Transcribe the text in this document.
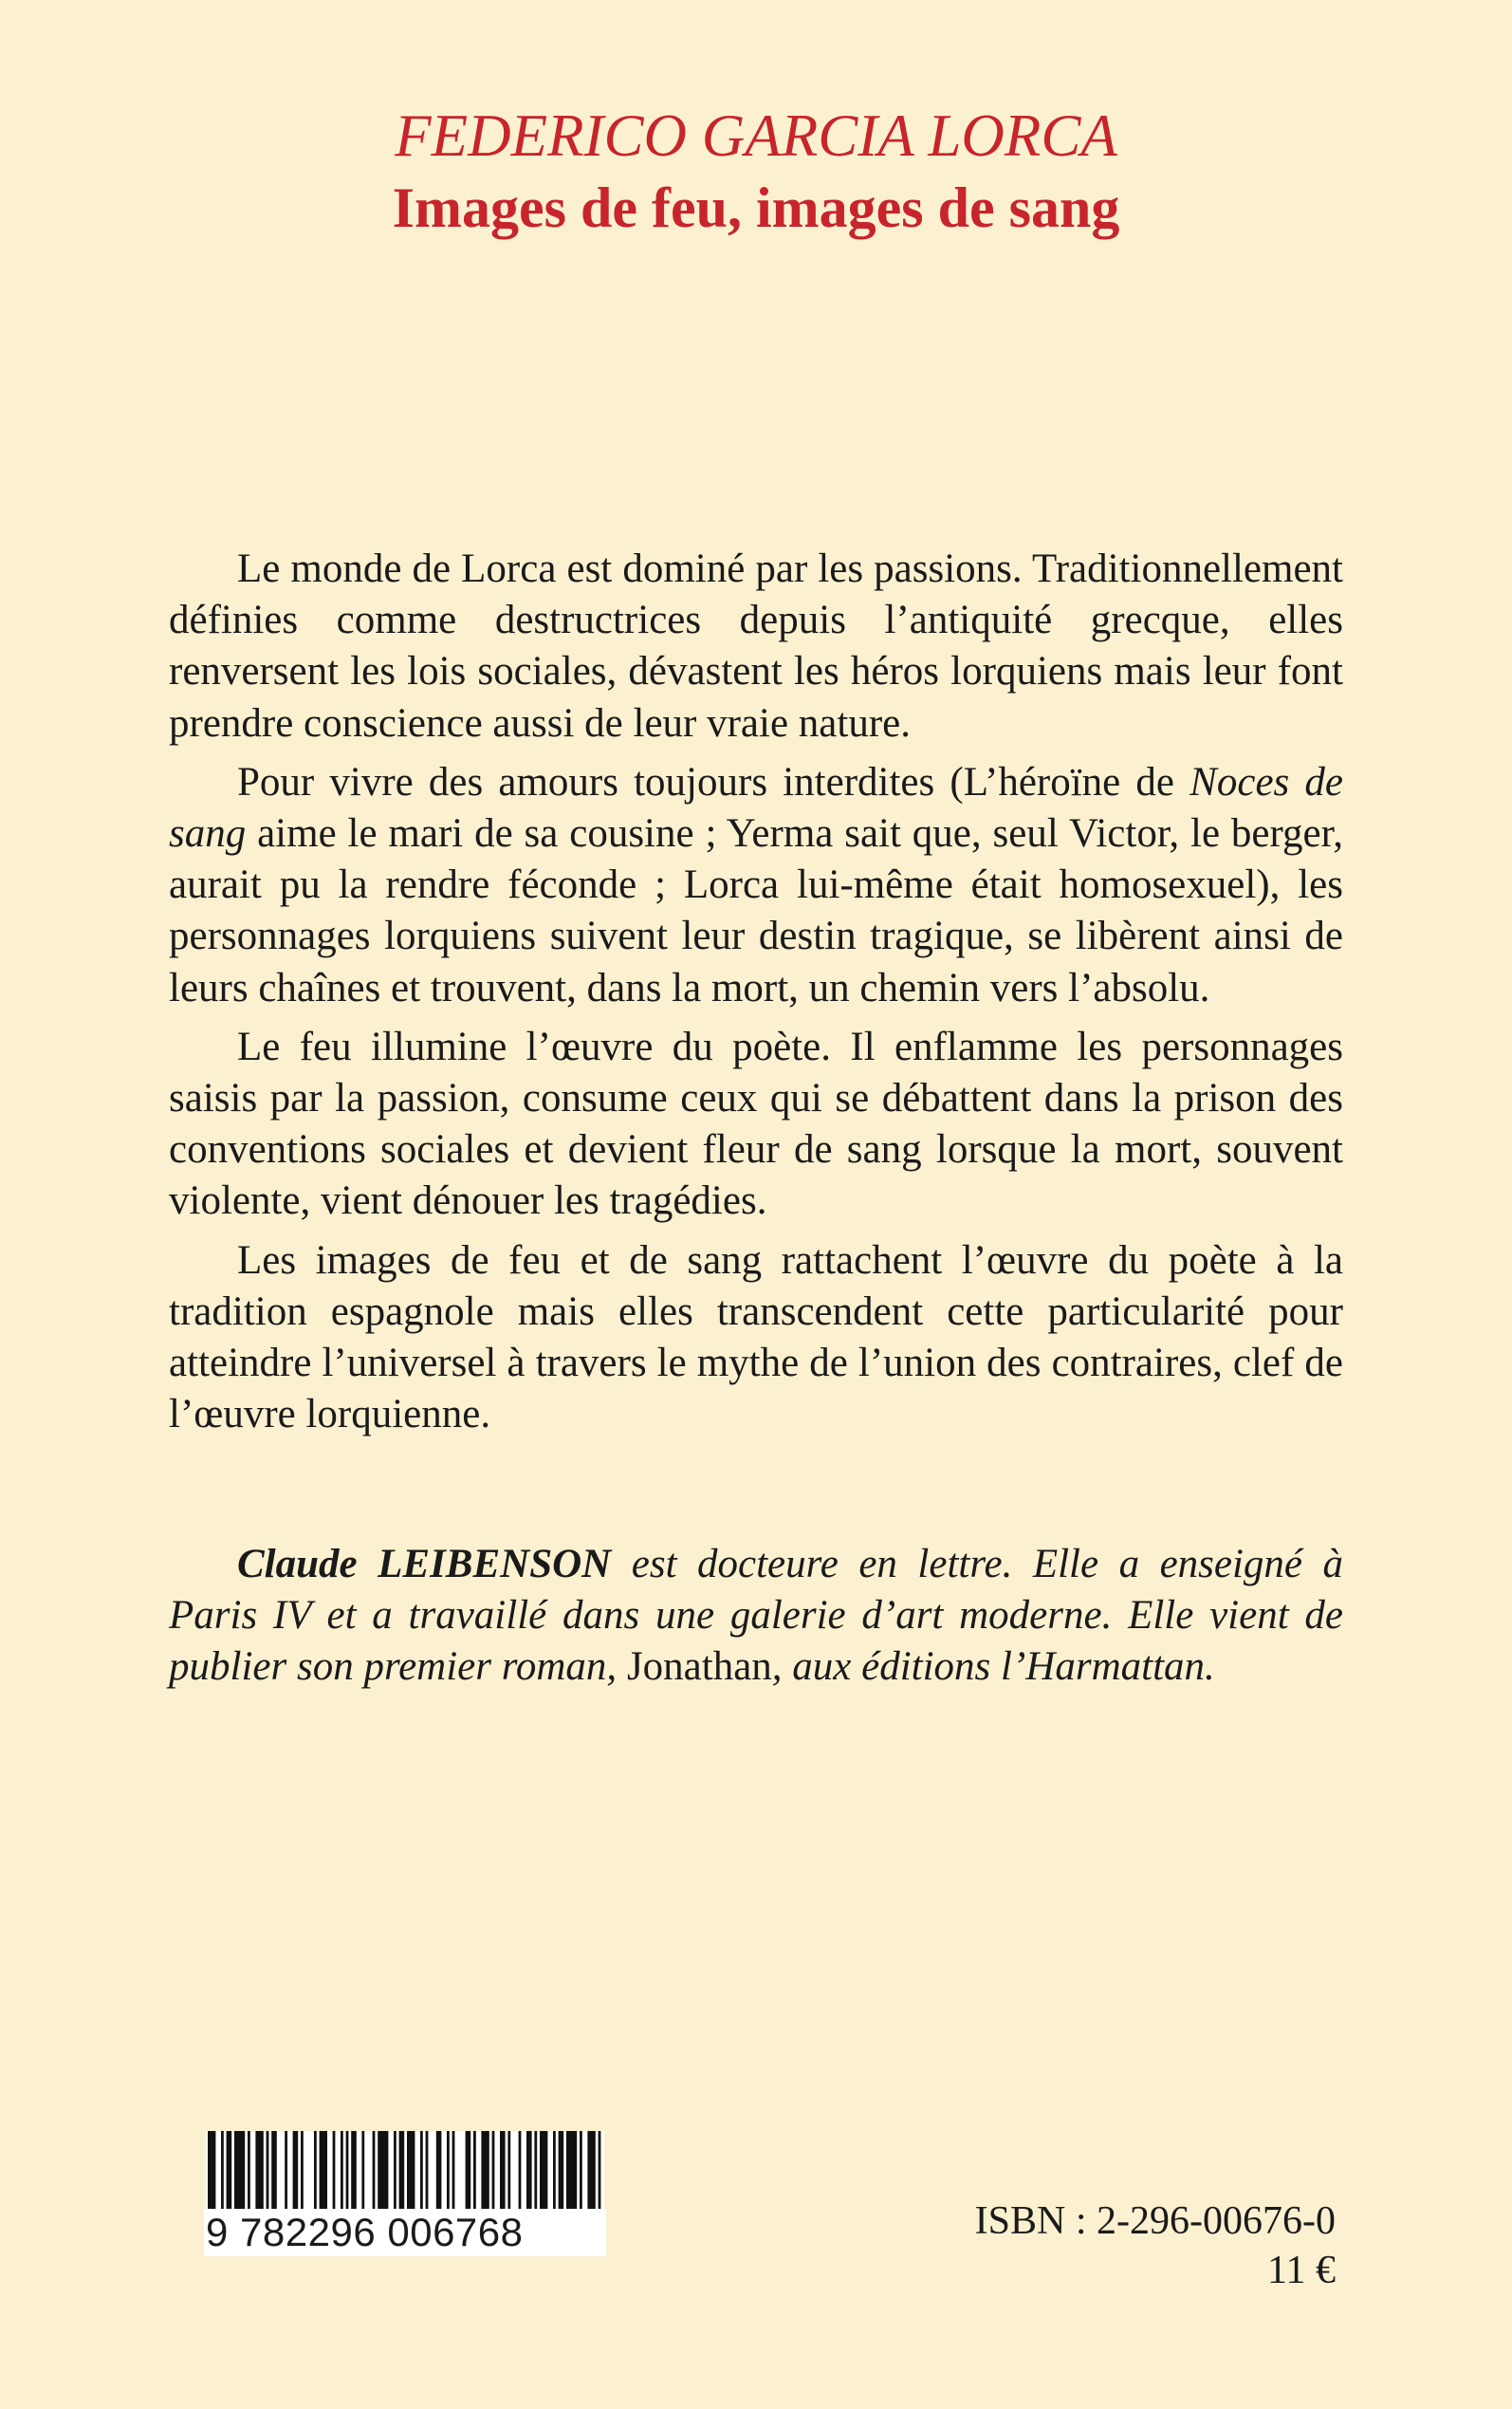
FEDERICO GARCIA LORCA
Images de feu, images de sang

Le monde de Lorca est dominé par les passions. Traditionnellement définies comme destructrices depuis l’antiquité grecque, elles renversent les lois sociales, dévastent les héros lorquiens mais leur font prendre conscience aussi de leur vraie nature.

Pour vivre des amours toujours interdites (L’héroïne de Noces de sang aime le mari de sa cousine ; Yerma sait que, seul Victor, le berger, aurait pu la rendre féconde ; Lorca lui-même était homosexuel), les personnages lorquiens suivent leur destin tragique, se libèrent ainsi de leurs chaînes et trouvent, dans la mort, un chemin vers l’absolu.

Le feu illumine l’œuvre du poète. Il enflamme les personnages saisis par la passion, consume ceux qui se débattent dans la prison des conventions sociales et devient fleur de sang lorsque la mort, souvent violente, vient dénouer les tragédies.

Les images de feu et de sang rattachent l’œuvre du poète à la tradition espagnole mais elles transcendent cette particularité pour atteindre l’universel à travers le mythe de l’union des contraires, clef de l’œuvre lorquienne.

Claude LEIBENSON est docteure en lettre. Elle a enseigné à Paris IV et a travaillé dans une galerie d’art moderne. Elle vient de publier son premier roman, Jonathan, aux éditions l’Harmattan.

9 782296 006768	ISBN : 2-296-00676-0
11 €
